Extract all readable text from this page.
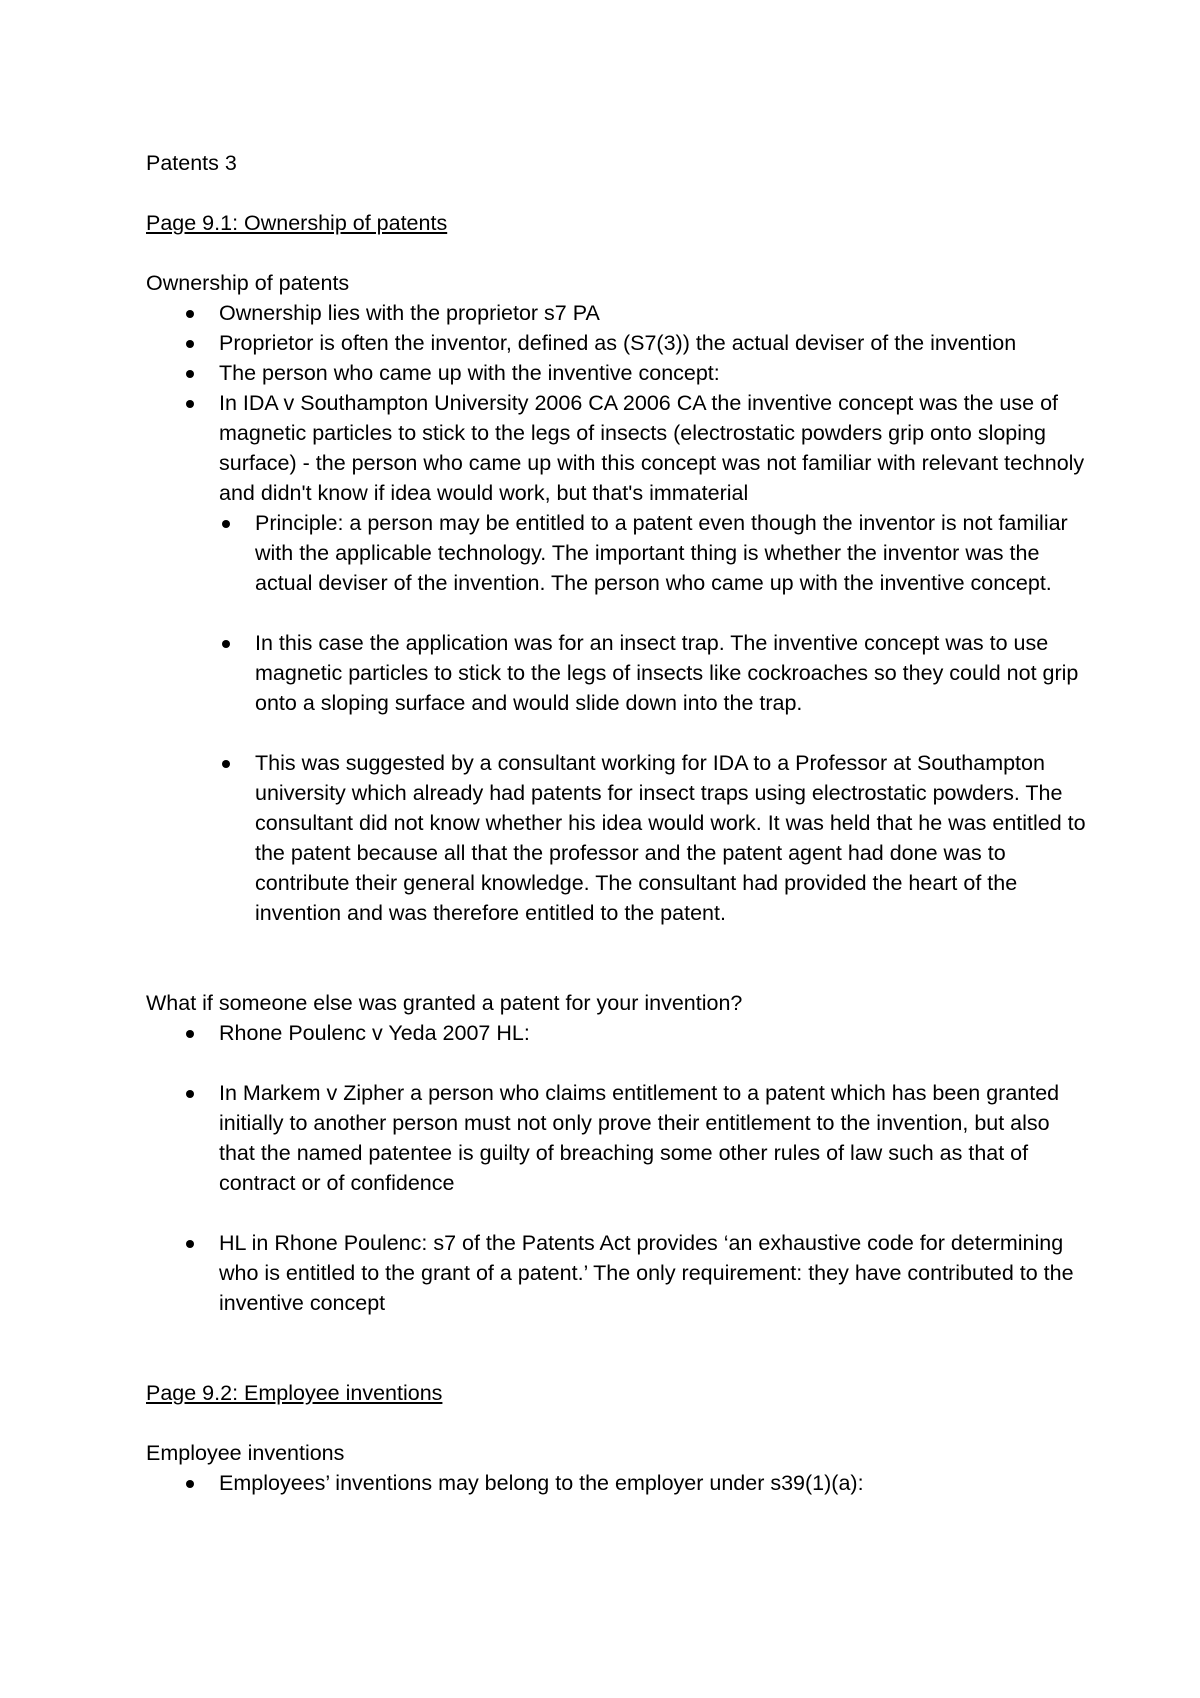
Patents 3

Page 9.1: Ownership of patents

Ownership of patents

Ownership lies with the proprietor s7 PA
Proprietor is often the inventor, defined as (S7(3)) the actual deviser of the invention
The person who came up with the inventive concept:
In IDA v Southampton University 2006 CA 2006 CA the inventive concept was the use of magnetic particles to stick to the legs of insects (electrostatic powders grip onto sloping surface) - the person who came up with this concept was not familiar with relevant technoly and didn't know if idea would work, but that's immaterial
Principle: a person may be entitled to a patent even though the inventor is not familiar with the applicable technology. The important thing is whether the inventor was the actual deviser of the invention. The person who came up with the inventive concept.
In this case the application was for an insect trap. The inventive concept was to use magnetic particles to stick to the legs of insects like cockroaches so they could not grip onto a sloping surface and would slide down into the trap.
This was suggested by a consultant working for IDA to a Professor at Southampton university which already had patents for insect traps using electrostatic powders. The consultant did not know whether his idea would work. It was held that he was entitled to the patent because all that the professor and the patent agent had done was to contribute their general knowledge. The consultant had provided the heart of the invention and was therefore entitled to the patent.

What if someone else was granted a patent for your invention?

Rhone Poulenc v Yeda 2007 HL:
In Markem v Zipher a person who claims entitlement to a patent which has been granted initially to another person must not only prove their entitlement to the invention, but also that the named patentee is guilty of breaching some other rules of law such as that of contract or of confidence
HL in Rhone Poulenc: s7 of the Patents Act provides ‘an exhaustive code for determining who is entitled to the grant of a patent.’ The only requirement: they have contributed to the inventive concept

Page 9.2: Employee inventions

Employee inventions

Employees’ inventions may belong to the employer under s39(1)(a):
